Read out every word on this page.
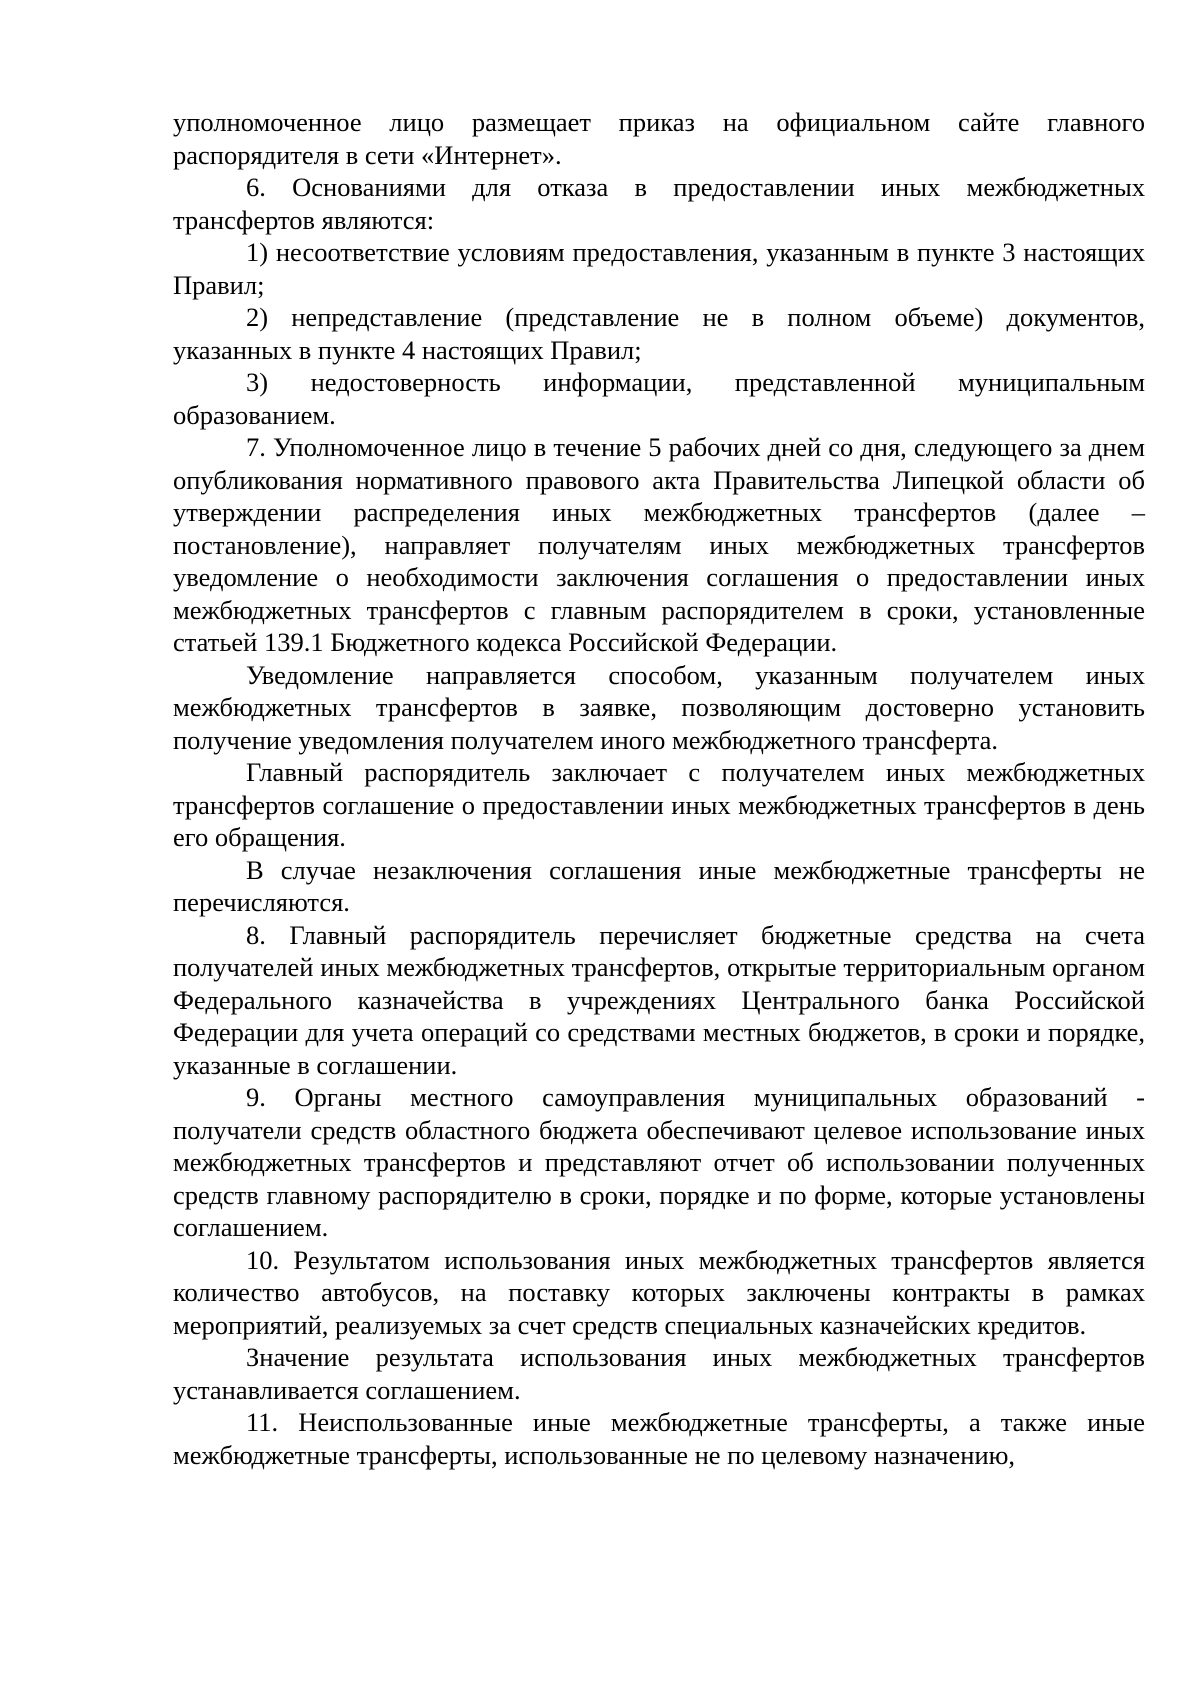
уполномоченное лицо размещает приказ на официальном сайте главного распорядителя в сети «Интернет».

6. Основаниями для отказа в предоставлении иных межбюджетных трансфертов являются:

1) несоответствие условиям предоставления, указанным в пункте 3 настоящих Правил;

2) непредставление (представление не в полном объеме) документов, указанных в пункте 4 настоящих Правил;

3) недостоверность информации, представленной муниципальным образованием.

7. Уполномоченное лицо в течение 5 рабочих дней со дня, следующего за днем опубликования нормативного правового акта Правительства Липецкой области об утверждении распределения иных межбюджетных трансфертов (далее – постановление), направляет получателям иных межбюджетных трансфертов уведомление о необходимости заключения соглашения о предоставлении иных межбюджетных трансфертов с главным распорядителем в сроки, установленные статьей 139.1 Бюджетного кодекса Российской Федерации.

Уведомление направляется способом, указанным получателем иных межбюджетных трансфертов в заявке, позволяющим достоверно установить получение уведомления получателем иного межбюджетного трансферта.

Главный распорядитель заключает с получателем иных межбюджетных трансфертов соглашение о предоставлении иных межбюджетных трансфертов в день его обращения.

В случае незаключения соглашения иные межбюджетные трансферты не перечисляются.

8. Главный распорядитель перечисляет бюджетные средства на счета получателей иных межбюджетных трансфертов, открытые территориальным органом Федерального казначейства в учреждениях Центрального банка Российской Федерации для учета операций со средствами местных бюджетов, в сроки и порядке, указанные в соглашении.

9. Органы местного самоуправления муниципальных образований - получатели средств областного бюджета обеспечивают целевое использование иных межбюджетных трансфертов и представляют отчет об использовании полученных средств главному распорядителю в сроки, порядке и по форме, которые установлены соглашением.

10. Результатом использования иных межбюджетных трансфертов является количество автобусов, на поставку которых заключены контракты в рамках мероприятий, реализуемых за счет средств специальных казначейских кредитов.

Значение результата использования иных межбюджетных трансфертов устанавливается соглашением.

11. Неиспользованные иные межбюджетные трансферты, а также иные межбюджетные трансферты, использованные не по целевому назначению,
